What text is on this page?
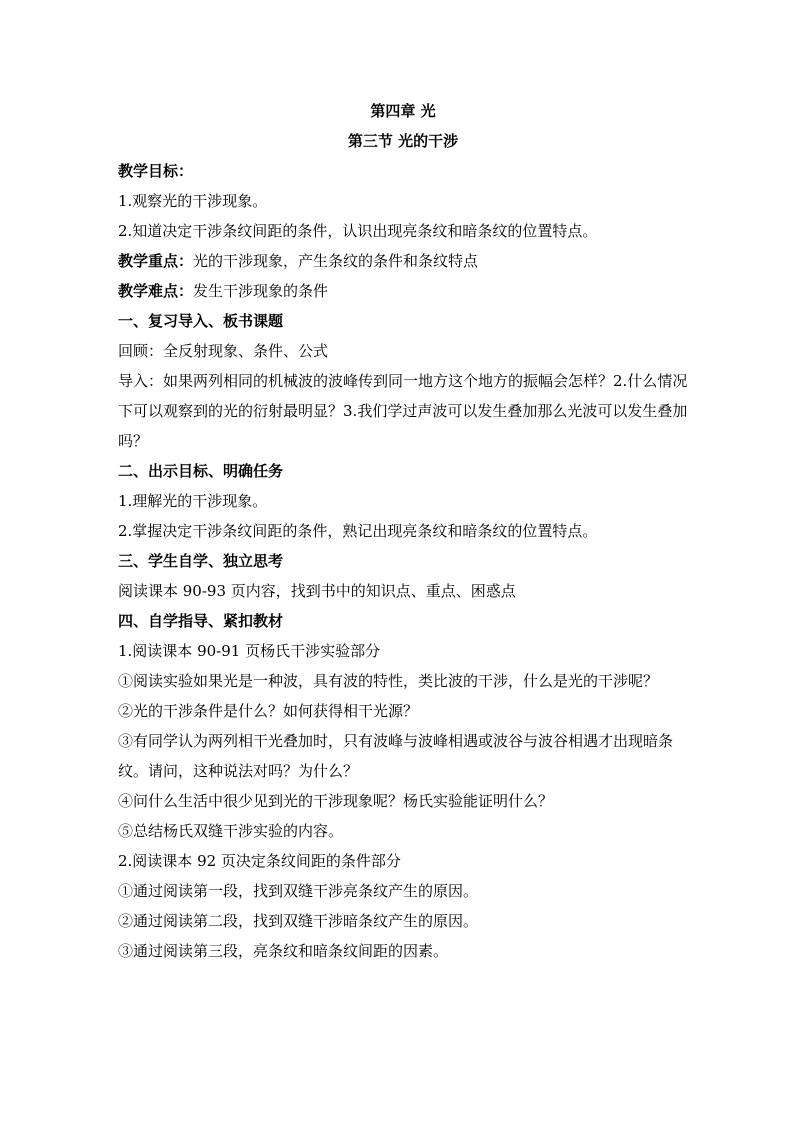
第四章 光

第三节 光的干涉

教学目标：

1.观察光的干涉现象。

2.知道决定干涉条纹间距的条件，认识出现亮条纹和暗条纹的位置特点。

教学重点：光的干涉现象，产生条纹的条件和条纹特点

教学难点：发生干涉现象的条件

一、复习导入、板书课题

回顾：全反射现象、条件、公式

导入：如果两列相同的机械波的波峰传到同一地方这个地方的振幅会怎样？2.什么情况下可以观察到的光的衍射最明显？3.我们学过声波可以发生叠加那么光波可以发生叠加吗？

二、出示目标、明确任务

1.理解光的干涉现象。

2.掌握决定干涉条纹间距的条件，熟记出现亮条纹和暗条纹的位置特点。

三、学生自学、独立思考

阅读课本 90-93 页内容，找到书中的知识点、重点、困惑点

四、自学指导、紧扣教材

1.阅读课本 90-91 页杨氏干涉实验部分

①阅读实验如果光是一种波，具有波的特性，类比波的干涉，什么是光的干涉呢？

②光的干涉条件是什么？如何获得相干光源？

③有同学认为两列相干光叠加时，只有波峰与波峰相遇或波谷与波谷相遇才出现暗条纹。请问，这种说法对吗？为什么？

④问什么生活中很少见到光的干涉现象呢？杨氏实验能证明什么？

⑤总结杨氏双缝干涉实验的内容。

2.阅读课本 92 页决定条纹间距的条件部分

①通过阅读第一段，找到双缝干涉亮条纹产生的原因。

②通过阅读第二段，找到双缝干涉暗条纹产生的原因。

③通过阅读第三段，亮条纹和暗条纹间距的因素。
